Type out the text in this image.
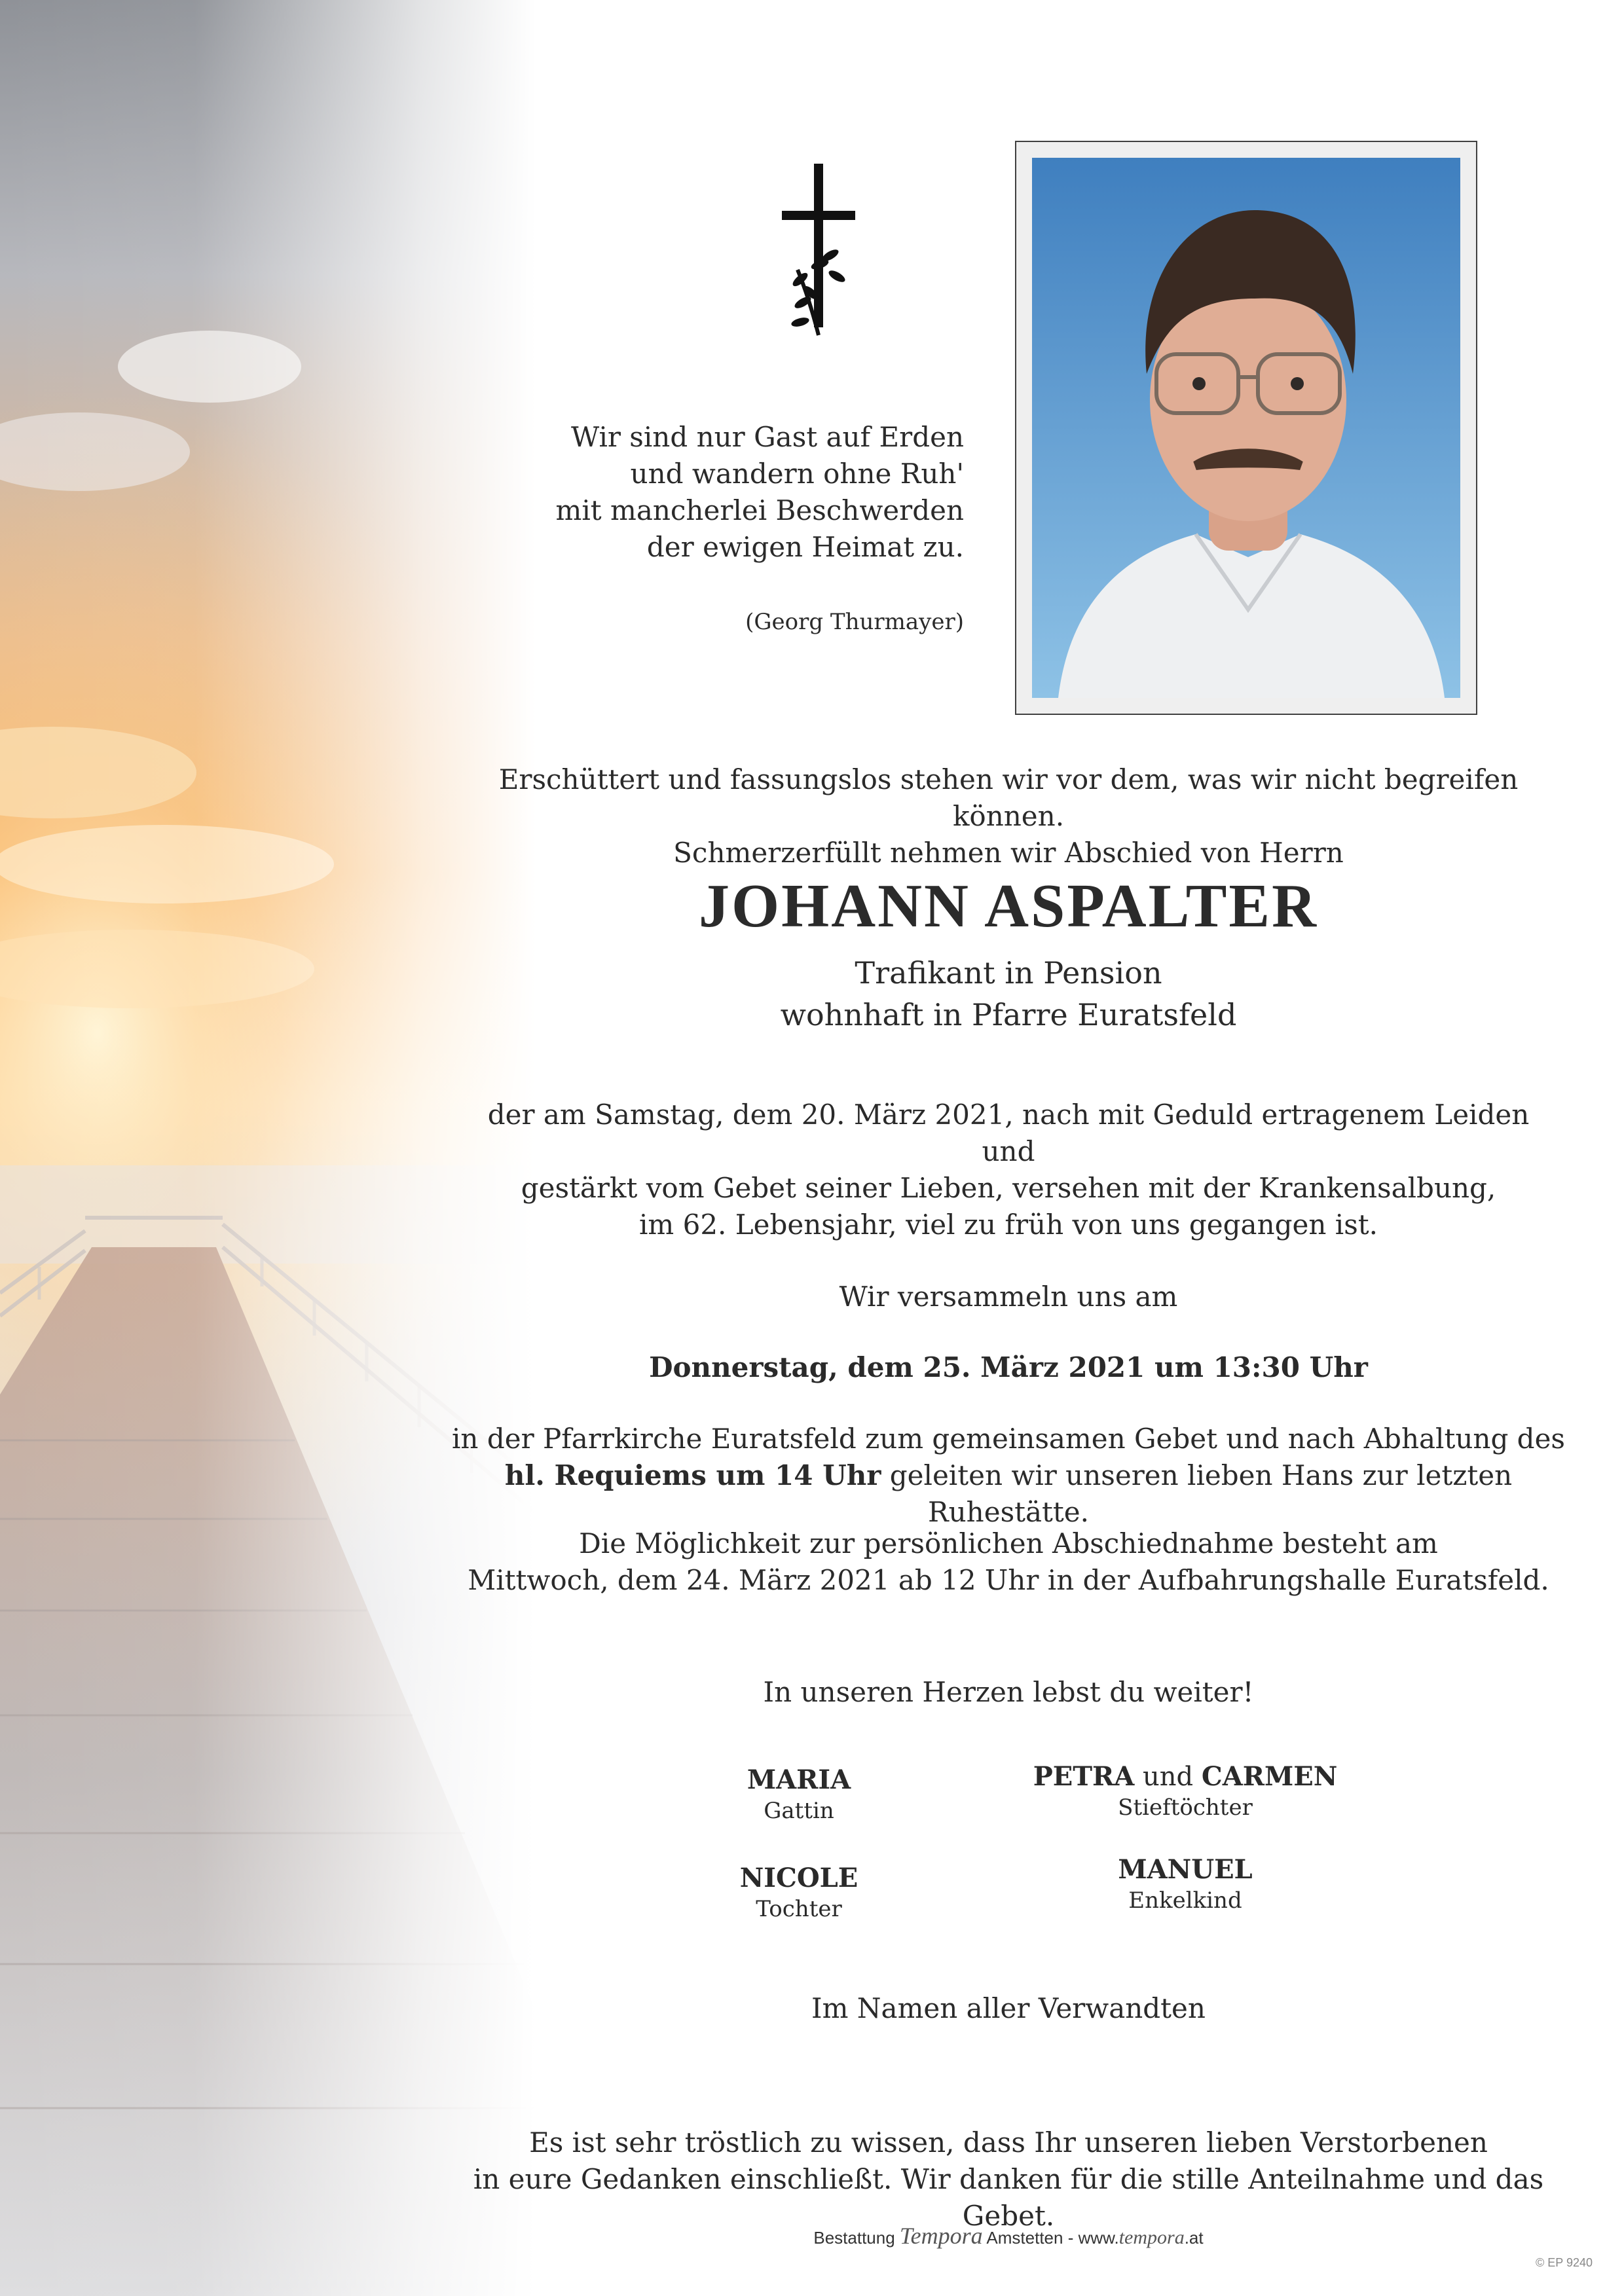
Wir sind nur Gast auf Erden
und wandern ohne Ruh'
mit mancherlei Beschwerden
der ewigen Heimat zu.
(Georg Thurmayer)
Erschüttert und fassungslos stehen wir vor dem, was wir nicht begreifen können.
Schmerzerfüllt nehmen wir Abschied von Herrn
JOHANN ASPALTER
Trafikant in Pension
wohnhaft in Pfarre Euratsfeld
der am Samstag, dem 20. März 2021, nach mit Geduld ertragenem Leiden und
gestärkt vom Gebet seiner Lieben, versehen mit der Krankensalbung,
im 62. Lebensjahr, viel zu früh von uns gegangen ist.
Wir versammeln uns am
Donnerstag, dem 25. März 2021 um 13:30 Uhr
in der Pfarrkirche Euratsfeld zum gemeinsamen Gebet und nach Abhaltung des
hl. Requiems um 14 Uhr geleiten wir unseren lieben Hans zur letzten Ruhestätte.
Die Möglichkeit zur persönlichen Abschiednahme besteht am
Mittwoch, dem 24. März 2021 ab 12 Uhr in der Aufbahrungshalle Euratsfeld.
In unseren Herzen lebst du weiter!
MARIA
Gattin
PETRA und CARMEN
Stieftöchter
NICOLE
Tochter
MANUEL
Enkelkind
Im Namen aller Verwandten
Es ist sehr tröstlich zu wissen, dass Ihr unseren lieben Verstorbenen
in eure Gedanken einschließt. Wir danken für die stille Anteilnahme und das Gebet.
Bestattung Tempora Amstetten - www.tempora.at
© EP 9240
